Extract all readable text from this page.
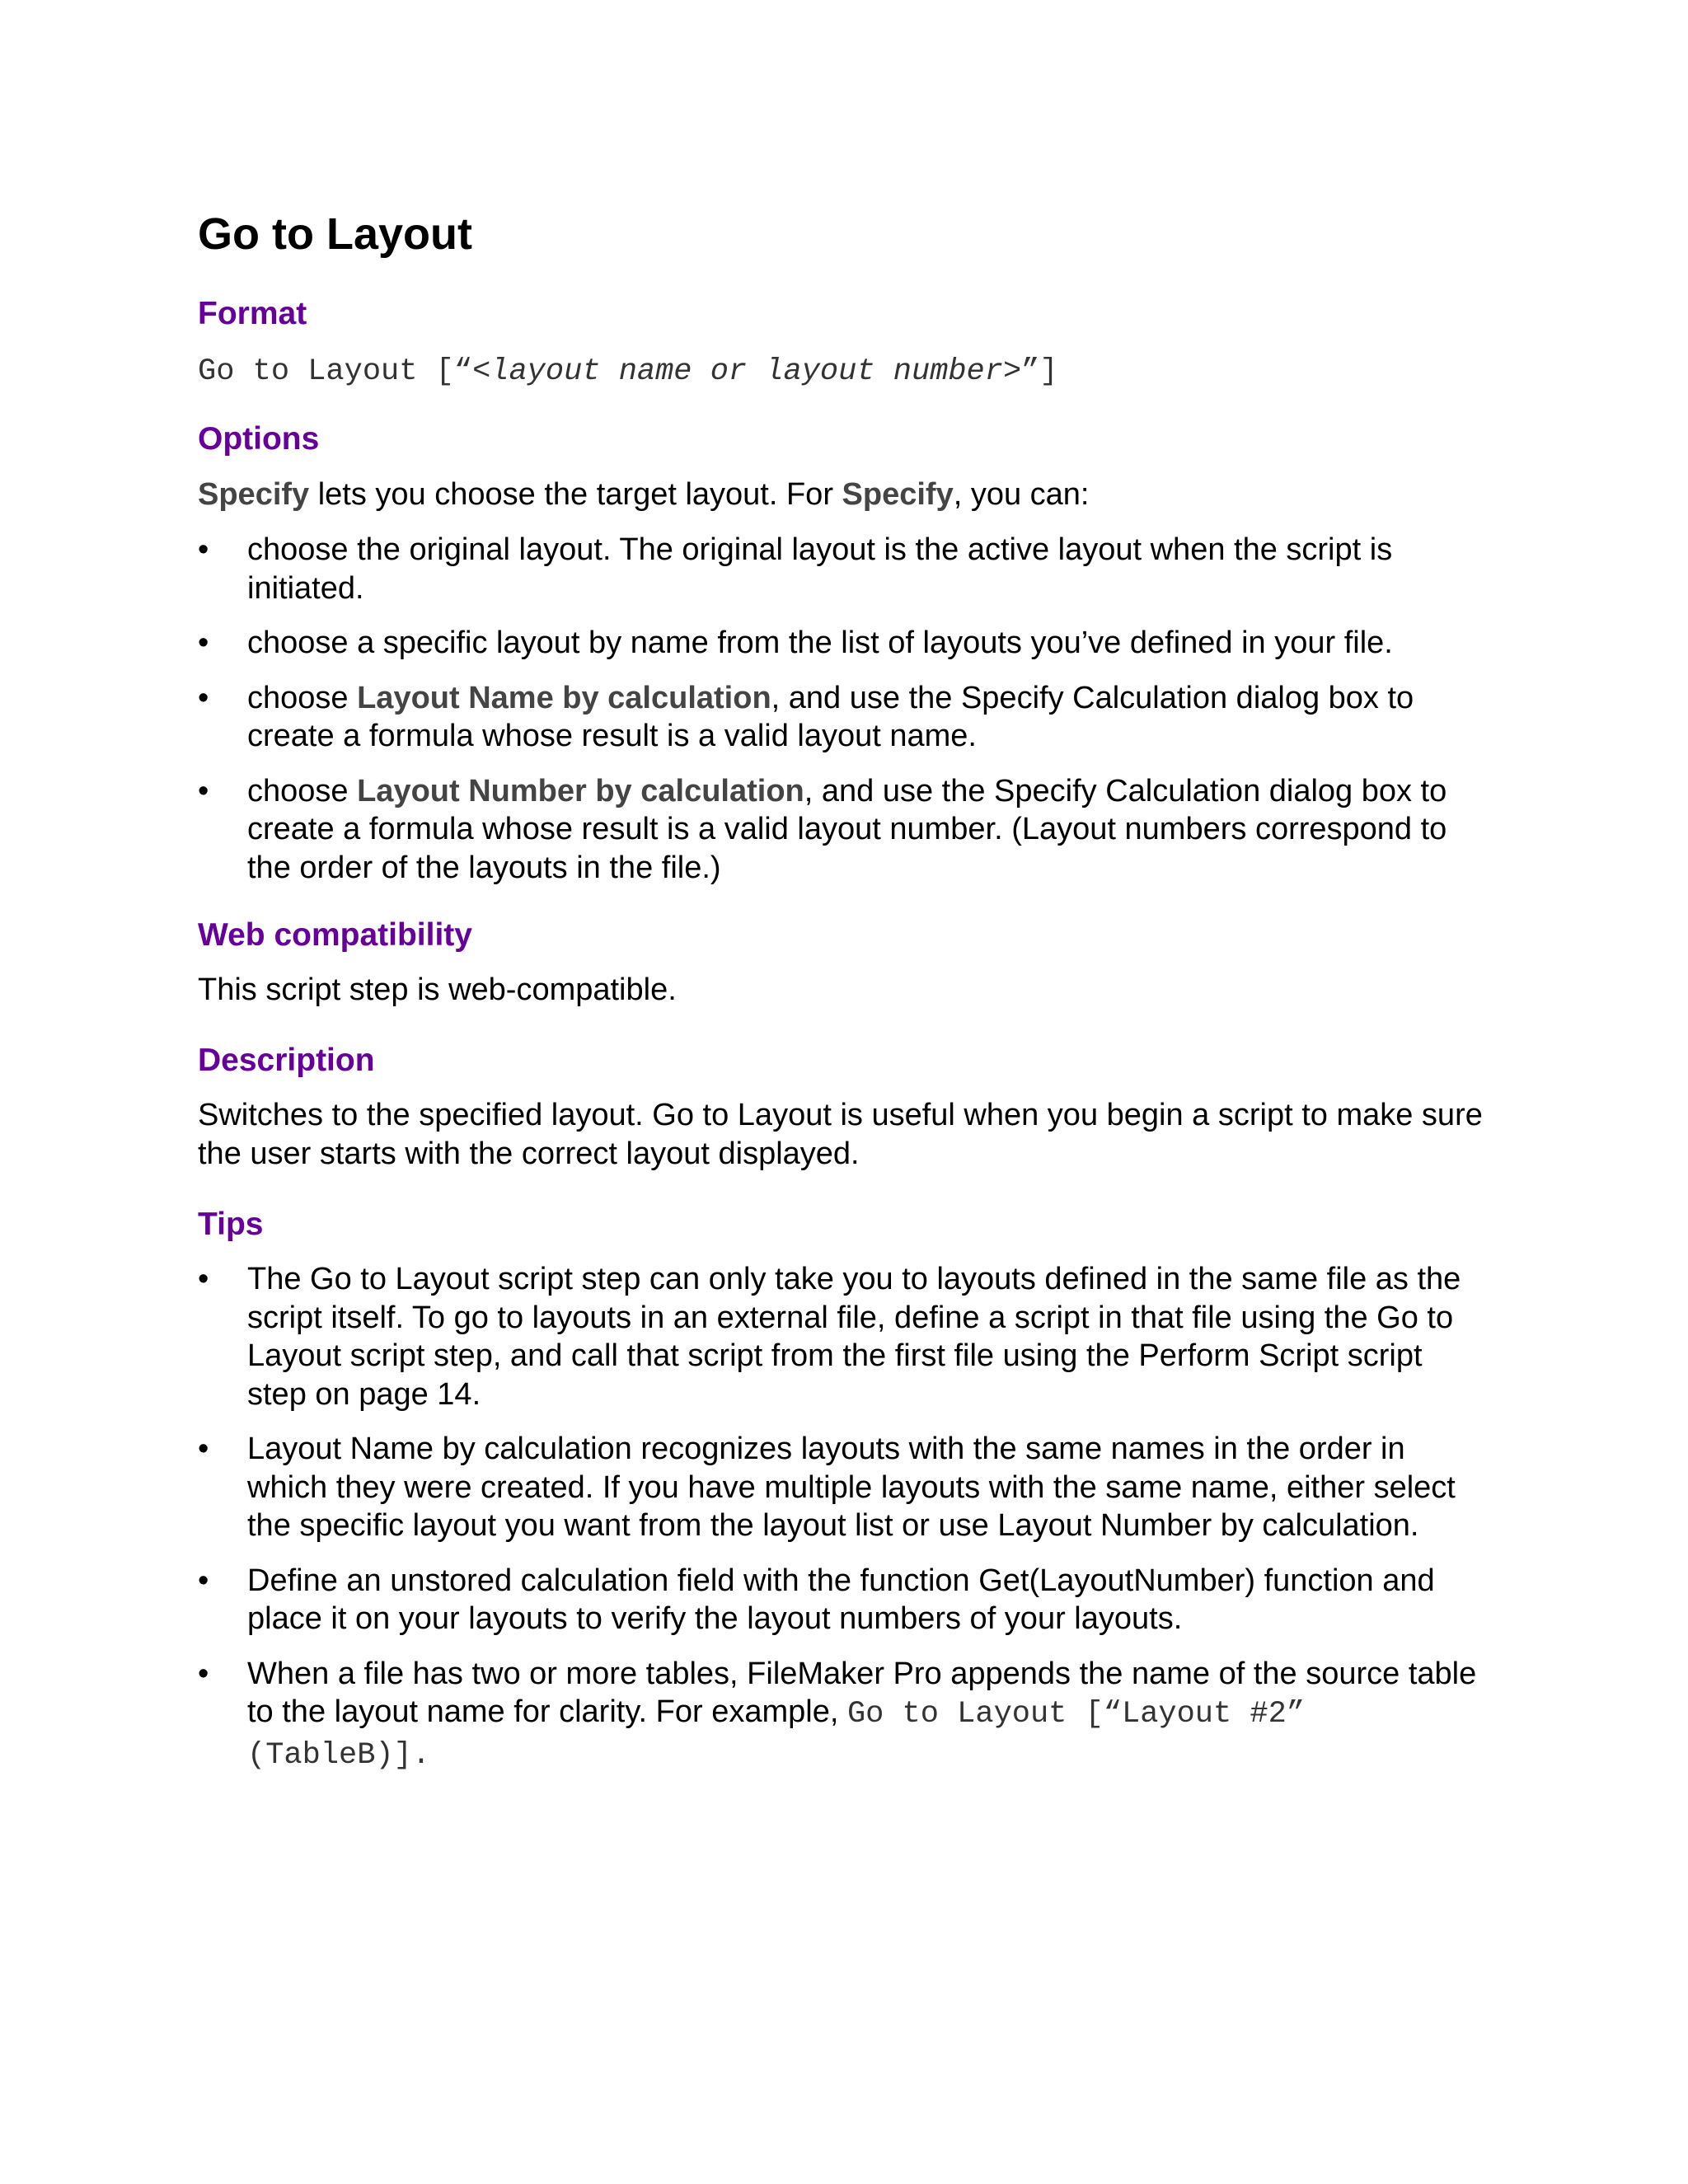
Go to Layout
Format

Go to Layout [“<layout name or layout number>”]

Options

Specify lets you choose the target layout. For Specify, you can:

•	choose the original layout. The original layout is the active layout when the script is initiated.
•	choose a specific layout by name from the list of layouts you’ve defined in your file.
•	choose Layout Name by calculation, and use the Specify Calculation dialog box to create a formula whose result is a valid layout name.
•	choose Layout Number by calculation, and use the Specify Calculation dialog box to create a formula whose result is a valid layout number. (Layout numbers correspond to the order of the layouts in the file.)
Web compatibility

This script step is web-compatible.

Description

Switches to the specified layout. Go to Layout is useful when you begin a script to make sure the user starts with the correct layout displayed.

Tips
•	The Go to Layout script step can only take you to layouts defined in the same file as the script itself. To go to layouts in an external file, define a script in that file using the Go to Layout script step, and call that script from the first file using the Perform Script script step on page 14.
•	Layout Name by calculation recognizes layouts with the same names in the order in which they were created. If you have multiple layouts with the same name, either select the specific layout you want from the layout list or use Layout Number by calculation.
•	Define an unstored calculation field with the function Get(LayoutNumber) function and place it on your layouts to verify the layout numbers of your layouts.
•	When a file has two or more tables, FileMaker Pro appends the name of the source table to the layout name for clarity. For example, Go to Layout [“Layout #2” (TableB)].
